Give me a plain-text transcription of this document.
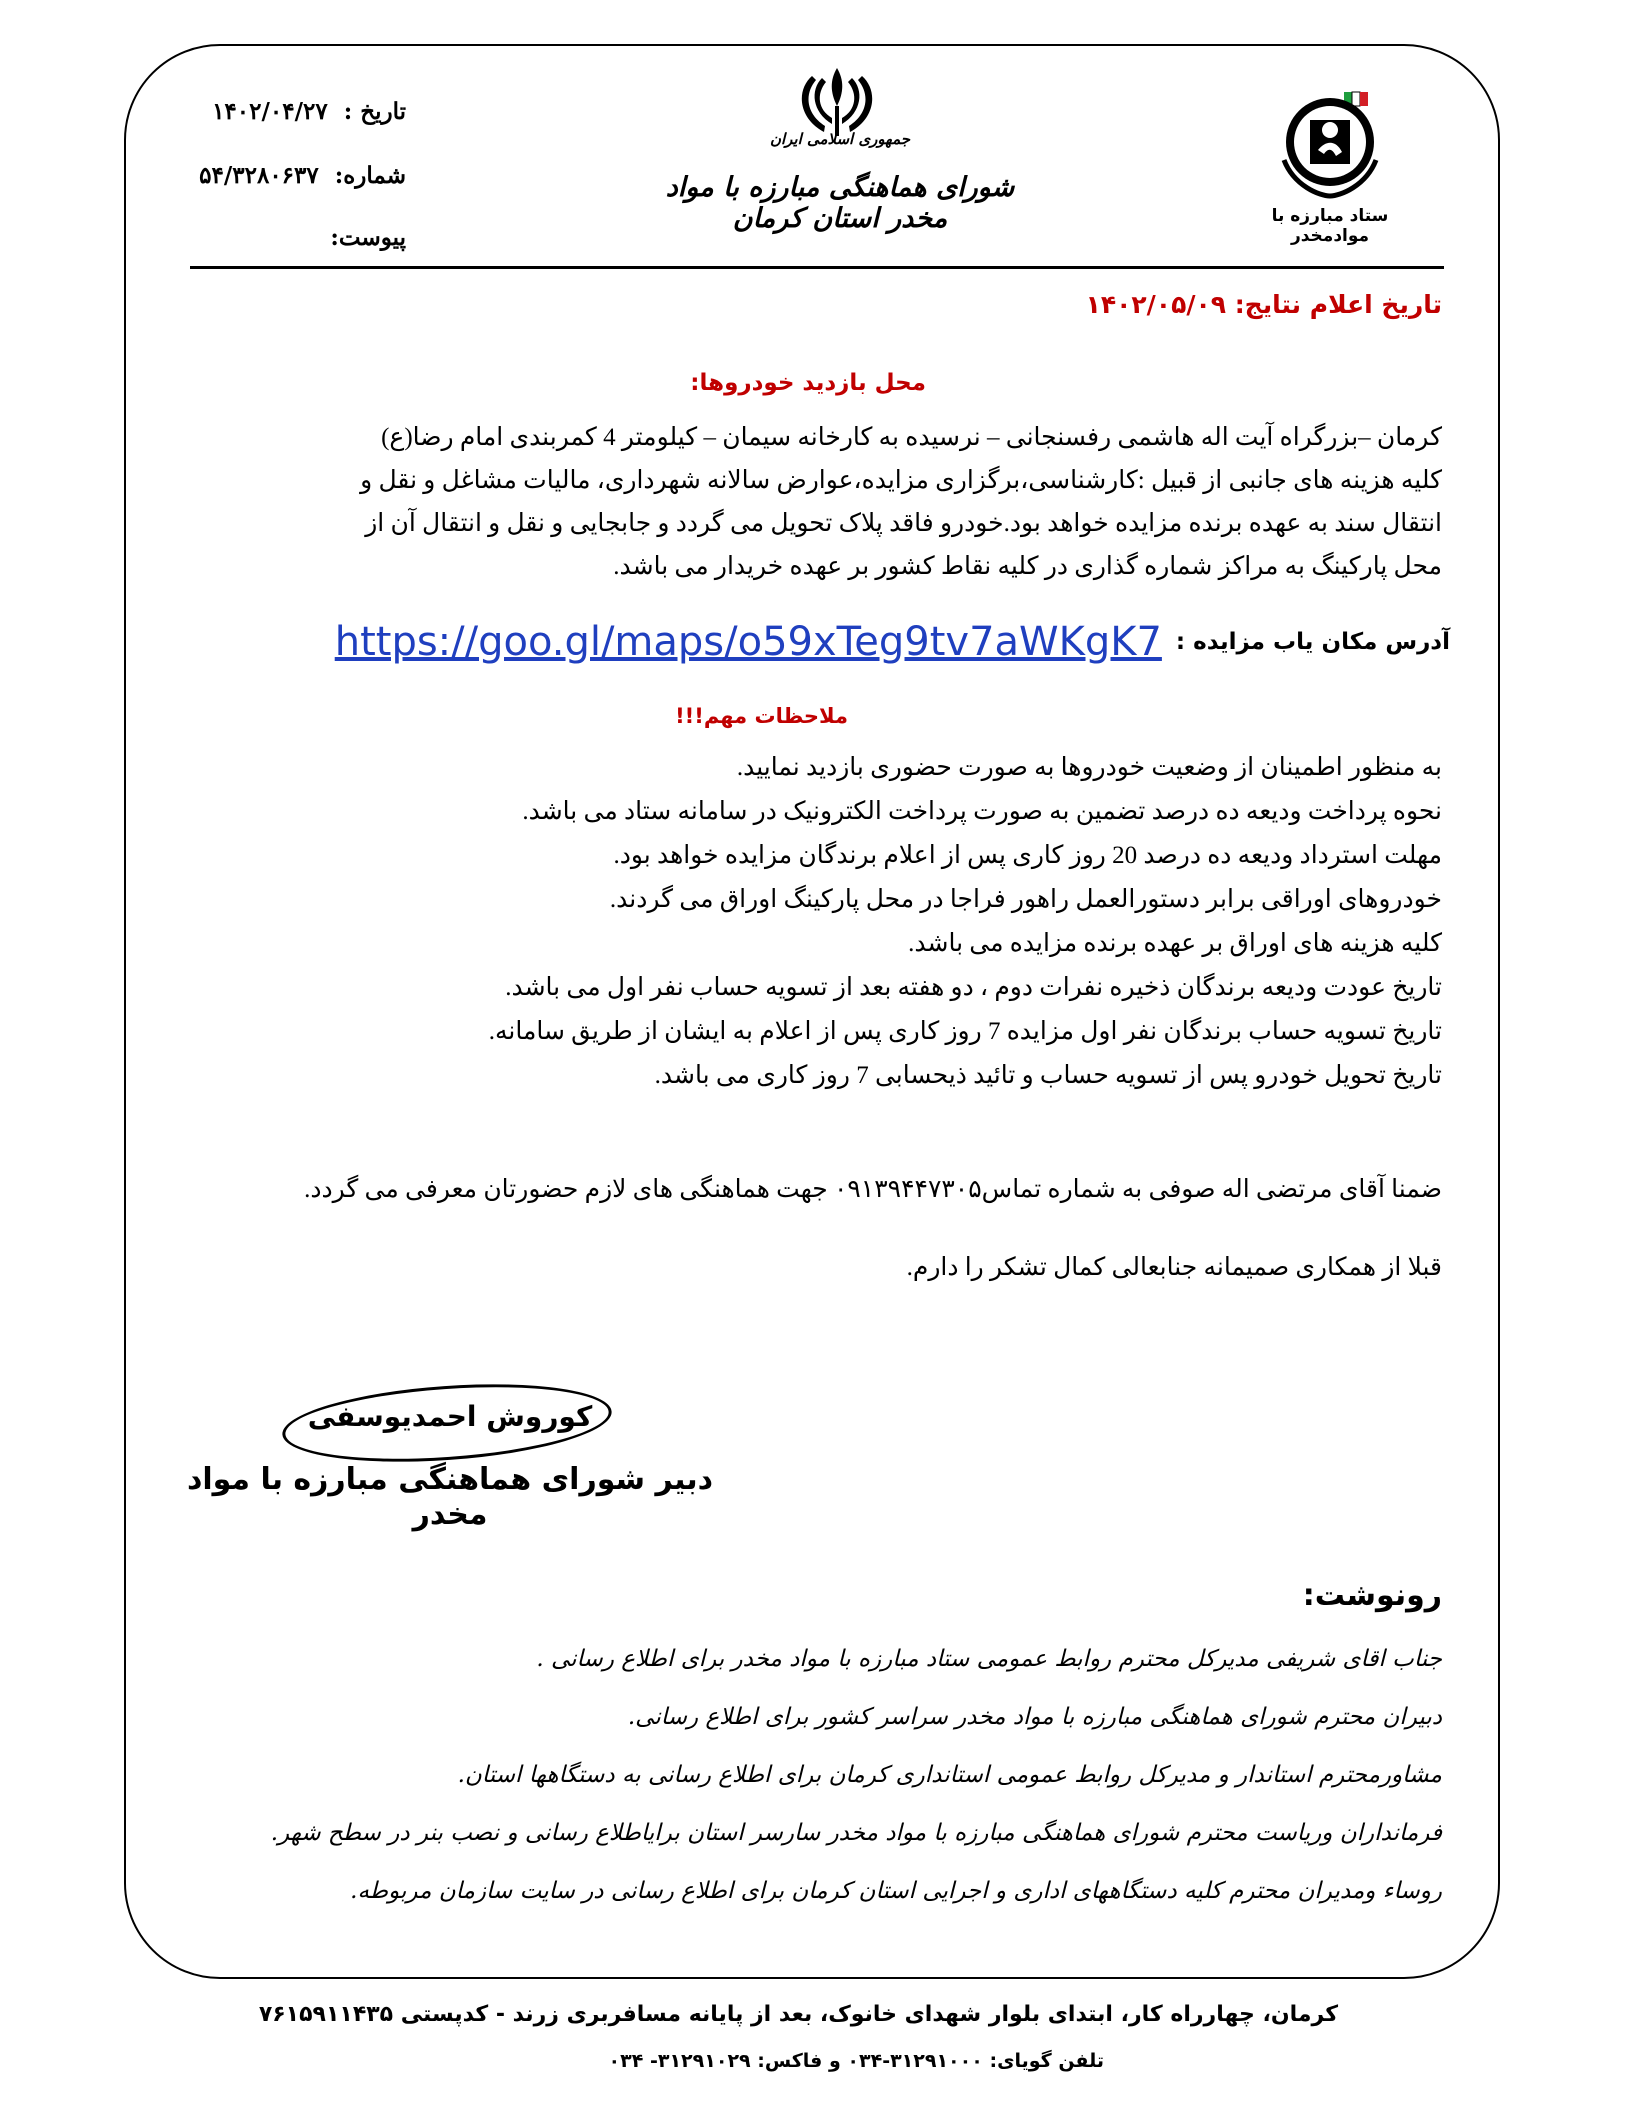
تاریخ : ۱۴۰۲/۰۴/۲۷
شماره: ۵۴/۳۲۸۰۶۳۷
پیوست:
جمهوری اسلامی ایران
شورای هماهنگی مبارزه با مواد مخدر استان کرمان	ستاد مبارزه با موادمخدر
تاریخ اعلام نتایج: ۱۴۰۲/۰۵/۰۹
محل بازدید خودروها:
کرمان –بزرگراه آیت اله هاشمی رفسنجانی – نرسیده به کارخانه سیمان – کیلومتر 4 کمربندی امام رضا(ع)
کلیه هزینه های جانبی از قبیل :کارشناسی،برگزاری مزایده،عوارض سالانه شهرداری، مالیات مشاغل و نقل و
انتقال سند به عهده برنده مزایده خواهد بود.خودرو فاقد پلاک تحویل می گردد و جابجایی و نقل و انتقال آن از
محل پارکینگ به مراکز شماره گذاری در کلیه نقاط کشور بر عهده خریدار می باشد.
آدرس مکان یاب مزایده :
https://goo.gl/maps/o59xTeg9tv7aWKgK7
ملاحظات مهم!!!
به منظور اطمینان از وضعیت خودروها به صورت حضوری بازدید نمایید.
نحوه پرداخت ودیعه ده درصد تضمین به صورت پرداخت الکترونیک در سامانه ستاد می باشد.
مهلت استرداد ودیعه ده درصد 20 روز کاری پس از اعلام برندگان مزایده خواهد بود.
خودروهای اوراقی برابر دستورالعمل راهور فراجا در محل پارکینگ اوراق می گردند.
کلیه هزینه های اوراق بر عهده برنده مزایده می باشد.
تاریخ عودت ودیعه برندگان ذخیره نفرات دوم ، دو هفته بعد از تسویه حساب نفر اول می باشد.
تاریخ تسویه حساب برندگان نفر اول مزایده 7 روز کاری پس از اعلام به ایشان از طریق سامانه.
تاریخ تحویل خودرو پس از تسویه حساب و تائید ذیحسابی 7 روز کاری می باشد.
ضمنا آقای مرتضی اله صوفی به شماره تماس۰۹۱۳۹۴۴۷۳۰۵ جهت هماهنگی های لازم حضورتان معرفی می گردد.
قبلا از همکاری صمیمانه جنابعالی کمال تشکر را دارم.
کوروش احمدیوسفی
دبیر شورای هماهنگی مبارزه با مواد مخدر
رونوشت:
جناب اقای شریفی مدیرکل محترم روابط عمومی ستاد مبارزه با مواد مخدر برای اطلاع رسانی .
دبیران محترم شورای هماهنگی مبارزه با مواد مخدر سراسر کشور برای اطلاع رسانی.
مشاورمحترم استاندار و مدیرکل روابط عمومی استانداری کرمان برای اطلاع رسانی به دستگاهها استان.
فرمانداران وریاست محترم شورای هماهنگی مبارزه با مواد مخدر سارسر استان برایاطلاع رسانی و نصب بنر در سطح شهر.
روساء ومدیران محترم کلیه دستگاههای اداری و اجرایی استان کرمان برای اطلاع رسانی در سایت سازمان مربوطه.
کرمان، چهارراه کار، ابتدای بلوار شهدای خانوک، بعد از پایانه مسافربری زرند - کدپستی ۷۶۱۵۹۱۱۴۳۵
تلفن گویای: ۳۱۲۹۱۰۰۰-۰۳۴ و فاکس: ۳۱۲۹۱۰۲۹- ۰۳۴
